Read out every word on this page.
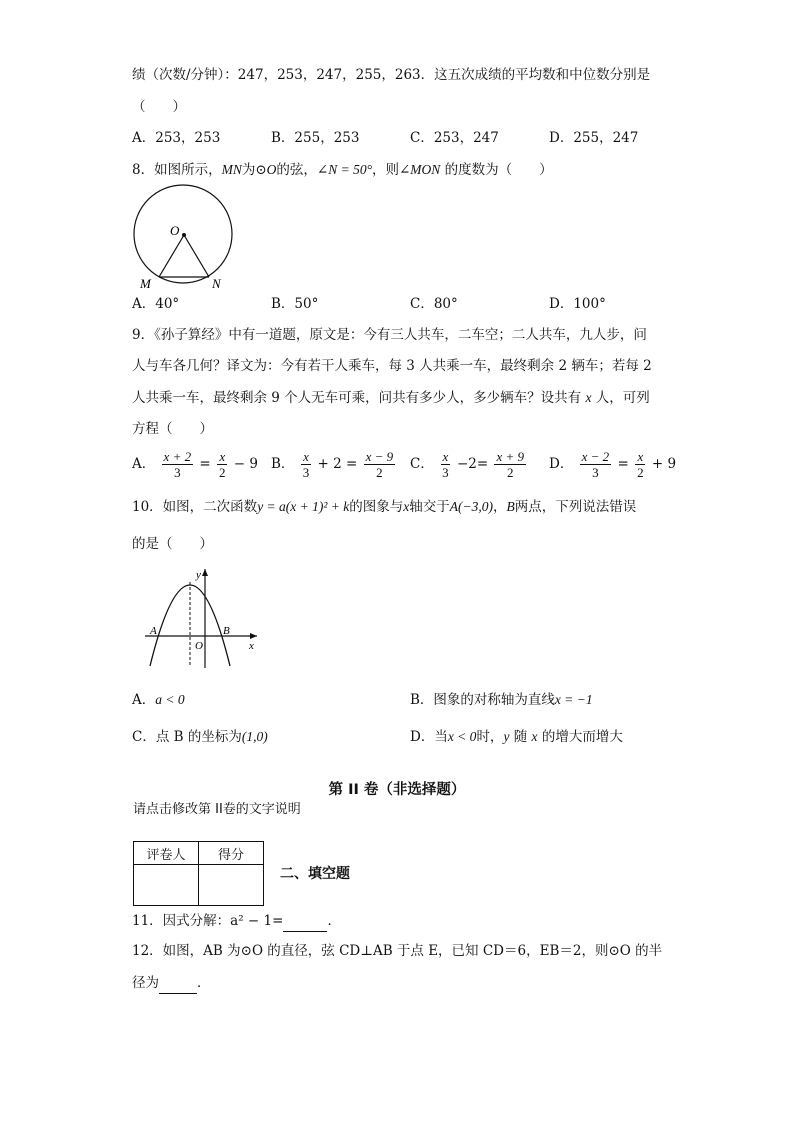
绩（次数/分钟）：247，253，247，255，263．这五次成绩的平均数和中位数分别是
（　　）
A．253，253	B．255，253	C．253，247	D．255，247
8．如图所示，MN为⊙O的弦，∠N = 50°，则∠MON 的度数为（　　）
O
M	N
A．40°	B．50°	C．80°	D．100°
9．《孙子算经》中有一道题，原文是：今有三人共车，二车空；二人共车，九人步，问
人与车各几何？译文为：今有若干人乘车，每 3 人共乘一车，最终剩余 2 辆车；若每 2
人共乘一车，最终剩余 9 个人无车可乘，问共有多少人，多少辆车？设共有 x 人，可列
方程（　　）
A． $\frac{x + 2}{3} = \frac{x}{2} - 9$ B． $\frac{x}{3} + 2 = \frac{x - 9}{2}$ C． $\frac{x}{3} -2= \frac{x + 9}{2}$ D． $\frac{x - 2}{3} = \frac{x}{2} + 9$
10．如图，二次函数y = a(x + 1)² + k的图象与x轴交于A(−3,0)，B两点，下列说法错误
的是（　　）
A	B
O
y
x
A．a < 0	B．图象的对称轴为直线x = −1
C．点 B 的坐标为(1,0)	D．当x < 0时，y 随 x 的增大而增大
第 II 卷（非选择题）
请点击修改第 II卷的文字说明
评卷人	得分

二、填空题
11．因式分解：a² − 1=	．
12．如图，AB 为⊙O 的直径，弦 CD⊥AB 于点 E，已知 CD＝6，EB＝2，则⊙O 的半
径为	．
